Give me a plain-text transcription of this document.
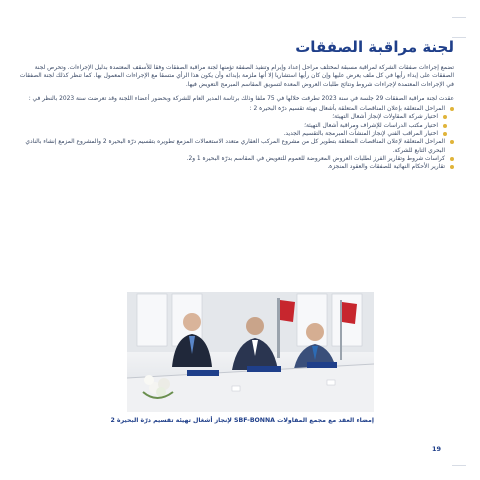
لجنة مراقبة الصفقات

تضمع إجراءات صفقات الشركة لمراقبة مسبقة لمختلف مراحل إعداد وإبرام وتنفيذ الصفقة تؤمنها لجنة مراقبة الصفقات وفقا للأسقف المعتمدة بدليل الإجراءات. وتحرص لجنة الصفقات على إبداء رأيها في كل ملف يعرض عليها وإن كان رأيها استشاريا إلا أنها ملزمة بإبدائه وأن يكون هذا الرأي متسقا مع الإجراءات المعمول بها. كما تنظر كذلك لجنة الصفقات في الإجراءات المعتمدة لإجراءات شروط ونتائج طلبات العروض المعدة لتسويق المقاسم المبرمج التعويض فيها.

عقدت لجنة مراقبة الصفقات 29 جلسة في سنة 2023 تطرقت خلالها في 75 ملفا وذلك برئاسة المدير العام للشركة وبحضور أعضاء اللجنة وقد تعرضت سنة 2023 بالنظر في :

المراحل المتعلقة بإعلان المناقصات المتعلقة بأشغال تهيئة تقسيم درّة البحيرة 2 :
اختيار شركة المقاولات لإنجاز أشغال التهيئة؛
اختيار مكتب الدراسات للإشراف ومراقبة أشغال التهيئة؛
اختيار المراقب الفني لإنجاز المنشآت المبرمجة بالتقسيم الجديد.
المراحل المتعلقة لإعلان المناقصات المتعلقة بتطوير كل من مشروع المركب العقاري متعدد الاستعمالات المزمع تطويره بتقسيم درّة البحيرة 2 والمشروع المزمع إنشاء بالنادي البحري التابع للشركة.
كراسات شروط وتقارير الفرز لطلبات العروض المعروضة للعموم للتعويض في المقاسم بدرّة البحيرة 1 و2.
تقارير الأحكام النهائية للصفقات والعقود المنجزة.
إمضاء العقد مع مجمع المقاولات SBF-BONNA لإنجاز أشغال تهيئة تقسيم درّة البحيرة 2
19
